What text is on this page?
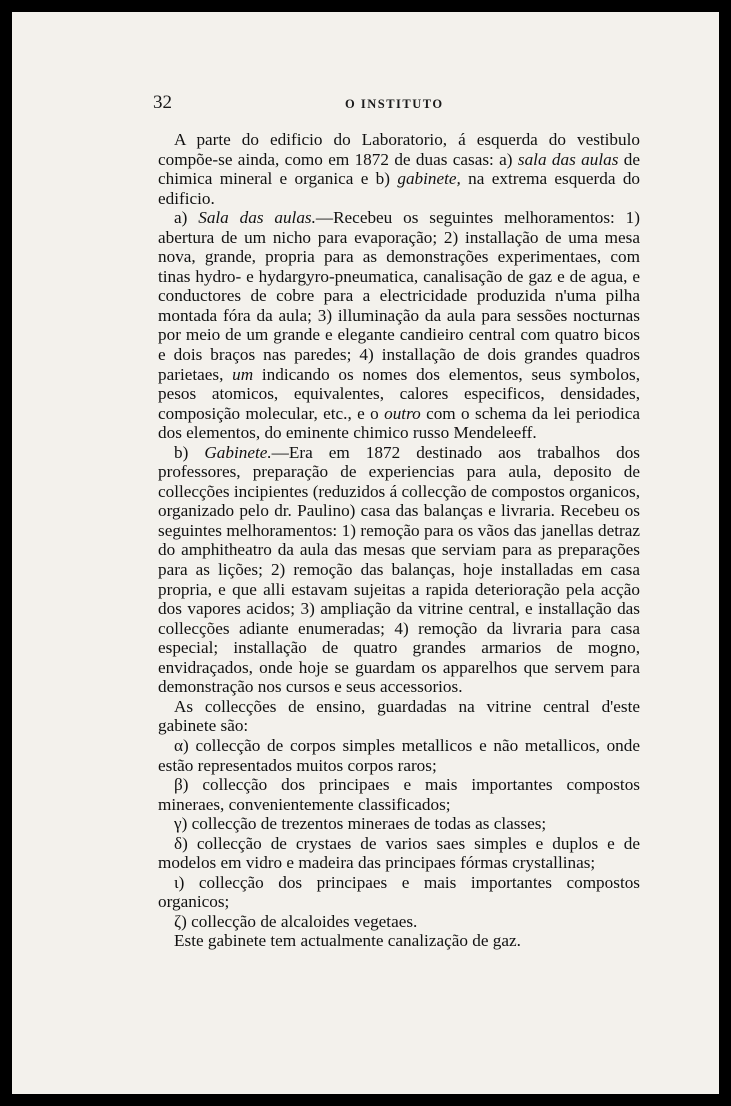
32	O INSTITUTO

A parte do edificio do Laboratorio, á esquerda do vestibulo compõe-se ainda, como em 1872 de duas casas: a) sala das aulas de chimica mineral e organica e b) gabinete, na extrema esquerda do edificio.

a) Sala das aulas.—Recebeu os seguintes melhoramentos: 1) abertura de um nicho para evaporação; 2) installação de uma mesa nova, grande, propria para as demonstrações experimentaes, com tinas hydro- e hydargyro-pneumatica, canalisação de gaz e de agua, e conductores de cobre para a electricidade produzida n'uma pilha montada fóra da aula; 3) illuminação da aula para sessões nocturnas por meio de um grande e elegante candieiro central com quatro bicos e dois braços nas paredes; 4) installação de dois grandes quadros parietaes, um indicando os nomes dos elementos, seus symbolos, pesos atomicos, equivalentes, calores especificos, densidades, composição molecular, etc., e o outro com o schema da lei periodica dos elementos, do eminente chimico russo Mendeleeff.

b) Gabinete.—Era em 1872 destinado aos trabalhos dos professores, preparação de experiencias para aula, deposito de collecções incipientes (reduzidos á collecção de compostos organicos, organizado pelo dr. Paulino) casa das balanças e livraria. Recebeu os seguintes melhoramentos: 1) remoção para os vãos das janellas detraz do amphitheatro da aula das mesas que serviam para as preparações para as lições; 2) remoção das balanças, hoje installadas em casa propria, e que alli estavam sujeitas a rapida deterioração pela acção dos vapores acidos; 3) ampliação da vitrine central, e installação das collecções adiante enumeradas; 4) remoção da livraria para casa especial; installação de quatro grandes armarios de mogno, envidraçados, onde hoje se guardam os apparelhos que servem para demonstração nos cursos e seus accessorios.

As collecções de ensino, guardadas na vitrine central d'este gabinete são:

α) collecção de corpos simples metallicos e não metallicos, onde estão representados muitos corpos raros;

β) collecção dos principaes e mais importantes compostos mineraes, convenientemente classificados;

γ) collecção de trezentos mineraes de todas as classes;

δ) collecção de crystaes de varios saes simples e duplos e de modelos em vidro e madeira das principaes fórmas crystallinas;

ι) collecção dos principaes e mais importantes compostos organicos;

ζ) collecção de alcaloides vegetaes.

Este gabinete tem actualmente canalização de gaz.
